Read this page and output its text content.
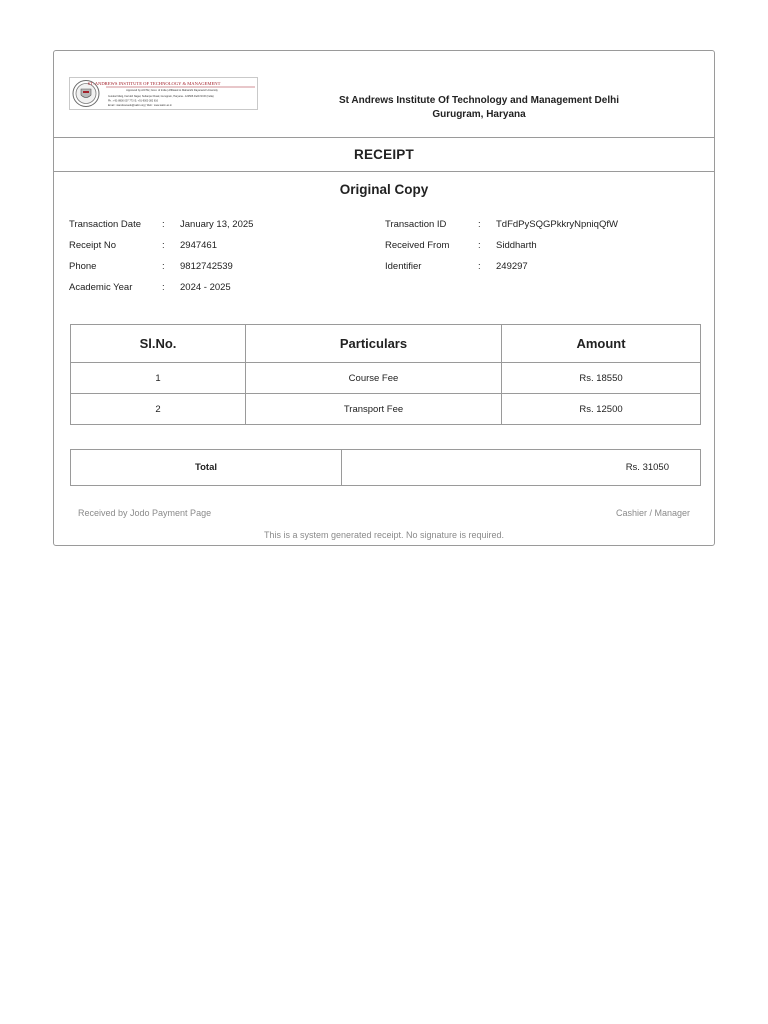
ST. ANDREWS INSTITUTE OF TECHNOLOGY & MANAGEMENT
Approved by AICTE | Govt. of India | Affiliated to Maharishi Dayanand University
Gurukul Marg, Farrukh Nagar, Sultanpur Road, Gurugram, Haryana - 122506 Delhi NCR (India)
Ph.: +91-8800 007 773 /5, +91-9000 382 616
Email : standrewsedu@saitm.org | Web : www.saitm.ac.in	St Andrews Institute Of Technology and Management Delhi
Gurugram, Haryana
RECEIPT
Original Copy
Transaction Date : January 13, 2025
Receipt No	: 2947461
Phone	: 9812742539
Academic Year	: 2024 - 2025
Transaction ID	: TdFdPySQGPkkryNpniqQfW
Received From	: Siddharth
Identifier	: 249297
Sl.No.	Particulars	Amount
1	Course Fee	Rs. 18550
2	Transport Fee	Rs. 12500
Total	Rs. 31050
Received by Jodo Payment Page	Cashier / Manager
This is a system generated receipt. No signature is required.
